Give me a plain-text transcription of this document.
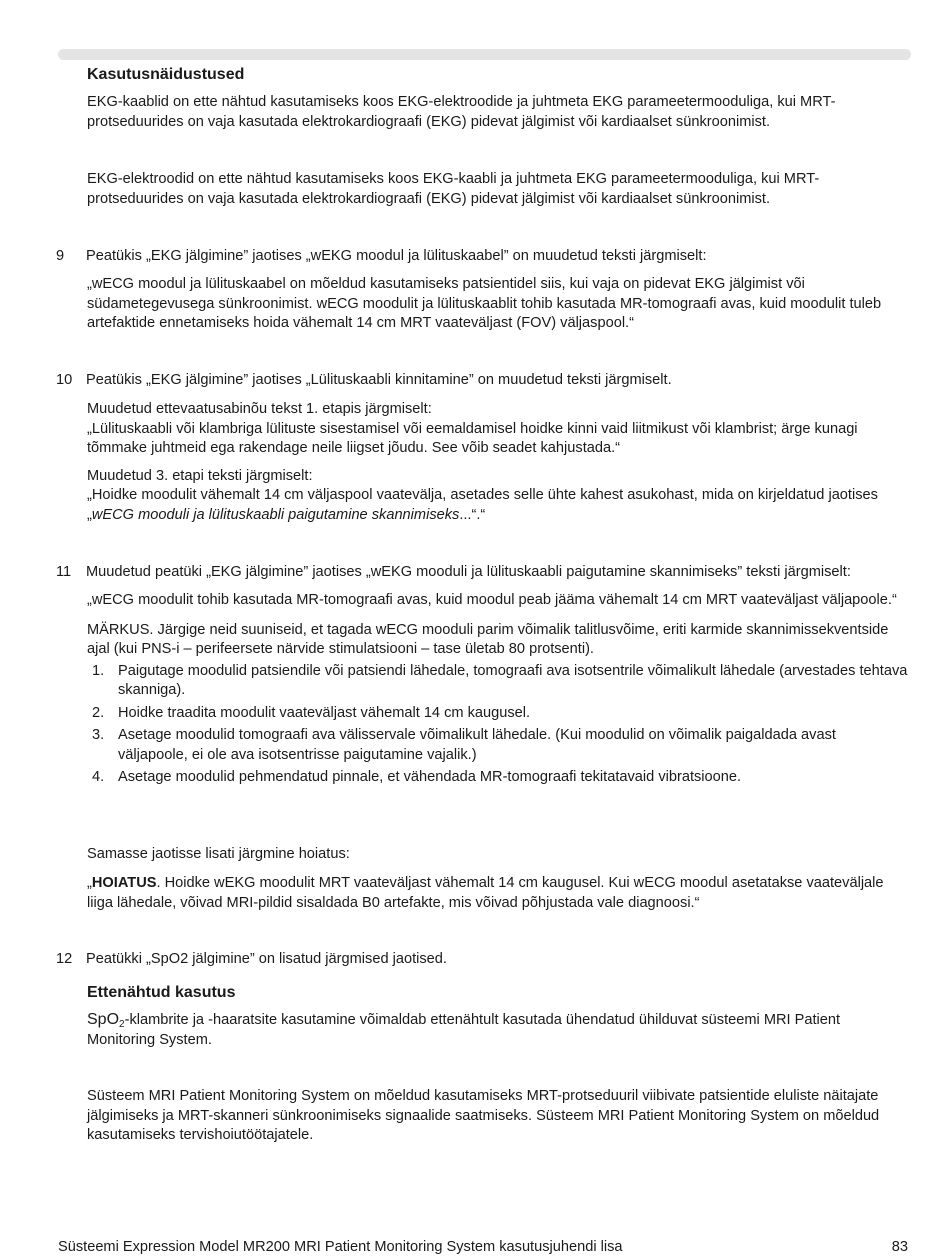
Kasutusnäidustused

EKG-kaablid on ette nähtud kasutamiseks koos EKG-elektroodide ja juhtmeta EKG parameetermooduliga, kui MRT-protseduurides on vaja kasutada elektrokardiograafi (EKG) pidevat jälgimist või kardiaalset sünkroonimist.

EKG-elektroodid on ette nähtud kasutamiseks koos EKG-kaabli ja juhtmeta EKG parameetermooduliga, kui MRT-protseduurides on vaja kasutada elektrokardiograafi (EKG) pidevat jälgimist või kardiaalset sünkroonimist.

9 Peatükis „EKG jälgimine” jaotises „wEKG moodul ja lülituskaabel” on muudetud teksti järgmiselt:

„wECG moodul ja lülituskaabel on mõeldud kasutamiseks patsientidel siis, kui vaja on pidevat EKG jälgimist või südametegevusega sünkroonimist. wECG moodulit ja lülituskaablit tohib kasutada MR-tomograafi avas, kuid moodulit tuleb artefaktide ennetamiseks hoida vähemalt 14 cm MRT vaateväljast (FOV) väljaspool.“

10 Peatükis „EKG jälgimine” jaotises „Lülituskaabli kinnitamine” on muudetud teksti järgmiselt.

Muudetud ettevaatusabinõu tekst 1. etapis järgmiselt:

„Lülituskaabli või klambriga lülituste sisestamisel või eemaldamisel hoidke kinni vaid liitmikust või klambrist; ärge kunagi tõmmake juhtmeid ega rakendage neile liigset jõudu. See võib seadet kahjustada.“

Muudetud 3. etapi teksti järgmiselt:

„Hoidke moodulit vähemalt 14 cm väljaspool vaatevälja, asetades selle ühte kahest asukohast, mida on kirjeldatud jaotises „wECG mooduli ja lülituskaabli paigutamine skannimiseks...“.“

11 Muudetud peatüki „EKG jälgimine” jaotises „wEKG mooduli ja lülituskaabli paigutamine skannimiseks” teksti järgmiselt:

„wECG moodulit tohib kasutada MR-tomograafi avas, kuid moodul peab jääma vähemalt 14 cm MRT vaateväljast väljapoole.“

MÄRKUS. Järgige neid suuniseid, et tagada wECG mooduli parim võimalik talitlusvõime, eriti karmide skannimissekventside ajal (kui PNS-i – perifeersete närvide stimulatsiooni – tase ületab 80 protsenti).

1. Paigutage moodulid patsiendile või patsiendi lähedale, tomograafi ava isotsentrile võimalikult lähedale (arvestades tehtava skanniga).
2. Hoidke traadita moodulit vaateväljast vähemalt 14 cm kaugusel.
3. Asetage moodulid tomograafi ava välisservale võimalikult lähedale. (Kui moodulid on võimalik paigaldada avast väljapoole, ei ole ava isotsentrisse paigutamine vajalik.)
4. Asetage moodulid pehmendatud pinnale, et vähendada MR-tomograafi tekitatavaid vibratsioone.

Samasse jaotisse lisati järgmine hoiatus:

„HOIATUS. Hoidke wEKG moodulit MRT vaateväljast vähemalt 14 cm kaugusel. Kui wECG moodul asetatakse vaateväljale liiga lähedale, võivad MRI-pildid sisaldada B0 artefakte, mis võivad põhjustada vale diagnoosi.“

12 Peatükki „SpO2 jälgimine” on lisatud järgmised jaotised.

Ettenähtud kasutus

SpO$_2$-klambrite ja -haaratsite kasutamine võimaldab ettenähtult kasutada ühendatud ühilduvat süsteemi MRI Patient Monitoring System.

Süsteem MRI Patient Monitoring System on mõeldud kasutamiseks MRT-protseduuril viibivate patsientide eluliste näitajate jälgimiseks ja MRT-skanneri sünkroonimiseks signaalide saatmiseks. Süsteem MRI Patient Monitoring System on mõeldud kasutamiseks tervishoiutöötajatele.

Süsteemi Expression Model MR200 MRI Patient Monitoring System kasutusjuhendi lisa	83
